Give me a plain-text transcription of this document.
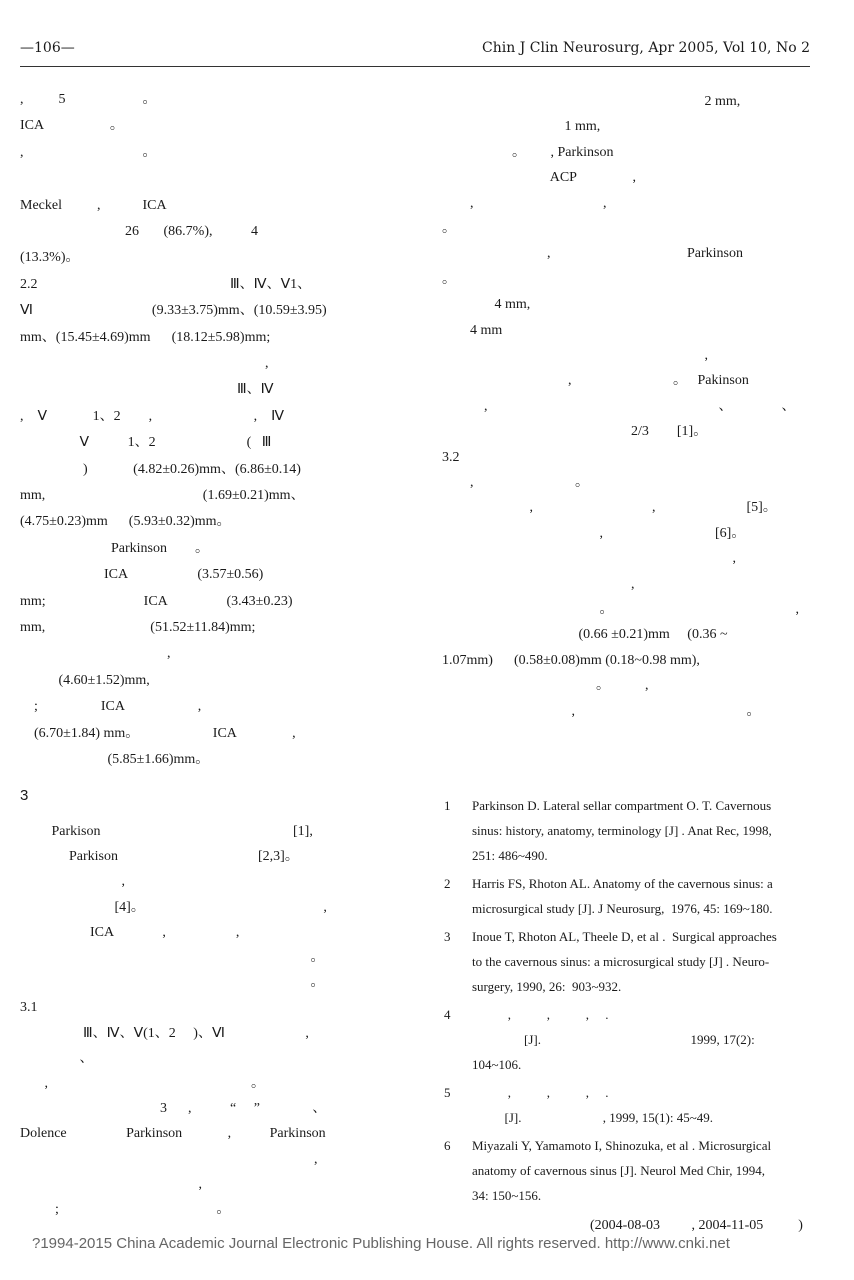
—106—	Chin J Clin Neurosurg, Apr 2005, Vol 10, No 2
,          5                      。
ICA                   。
,                                  。
Meckel          ,            ICA
26       (86.7%),           4
(13.3%)。
2.2                                                       Ⅲ、Ⅳ、Ⅴ1、
Ⅵ                                  (9.33±3.75)mm、(10.59±3.95)
mm、(15.45±4.69)mm      (18.12±5.98)mm;
,
Ⅲ、Ⅳ
,    Ⅴ             1、2        ,                             ,    Ⅳ
Ⅴ           1、2                          (   Ⅲ
)             (4.82±0.26)mm、(6.86±0.14)
mm,                                             (1.69±0.21)mm、
(4.75±0.23)mm      (5.93±0.32)mm。
Parkinson        。
ICA                    (3.57±0.56)
mm;                            ICA                 (3.43±0.23)
mm,                              (51.52±11.84)mm;
,
(4.60±1.52)mm,
;                  ICA                     ,
(6.70±1.84) mm。                     ICA                ,
(5.85±1.66)mm。
3
Parkison                                                       [1],
Parkison                                        [2,3]。
,
[4]。                                                   ,
ICA              ,                    ,
。
。
3.1
Ⅲ、Ⅳ、Ⅴ(1、2     )、Ⅵ                       ,
、
,                                                          。
3      ,           “     ”               、
Dolence                 Parkinson             ,           Parkinson
,
,
;                                             。
2 mm,
1 mm,
。       , Parkinson
ACP                ,
,                                     ,
。
,                                       Parkinson
。
4 mm,
4 mm
,
,                             。   Pakinson
,                                                                  、              、
2/3        [1]。
3.2
,                             。
,                                  ,                          [5]。
,                                [6]。
,
,
。                                                    ,
(0.66 ±0.21)mm     (0.36 ~
1.07mm)      (0.58±0.08)mm (0.18~0.98 mm),
。          ,
,                                                 。
1 Parkinson D. Lateral sellar compartment O. T. Cavernous
sinus: history, anatomy, terminology [J] . Anat Rec, 1998,
251: 486~490.
2 Harris FS, Rhoton AL. Anatomy of the cavernous sinus: a
microsurgical study [J]. J Neurosurg,  1976, 45: 169~180.
3 Inoue T, Rhoton AL, Theele D, et al .  Surgical approaches
to the cavernous sinus: a microsurgical study [J] . Neuro-
surgery, 1990, 26:  903~932.
4 ,           ,           ,     .
[J].                                              1999, 17(2):
104~106.
5 ,           ,           ,     .
[J].                         , 1999, 15(1): 45~49.
6 Miyazali Y, Yamamoto I, Shinozuka, et al . Microsurgical
anatomy of cavernous sinus [J]. Neurol Med Chir, 1994,
34: 150~156.
(2004-08-03         , 2004-11-05          )
?1994-2015 China Academic Journal Electronic Publishing House. All rights reserved. http://www.cnki.net
